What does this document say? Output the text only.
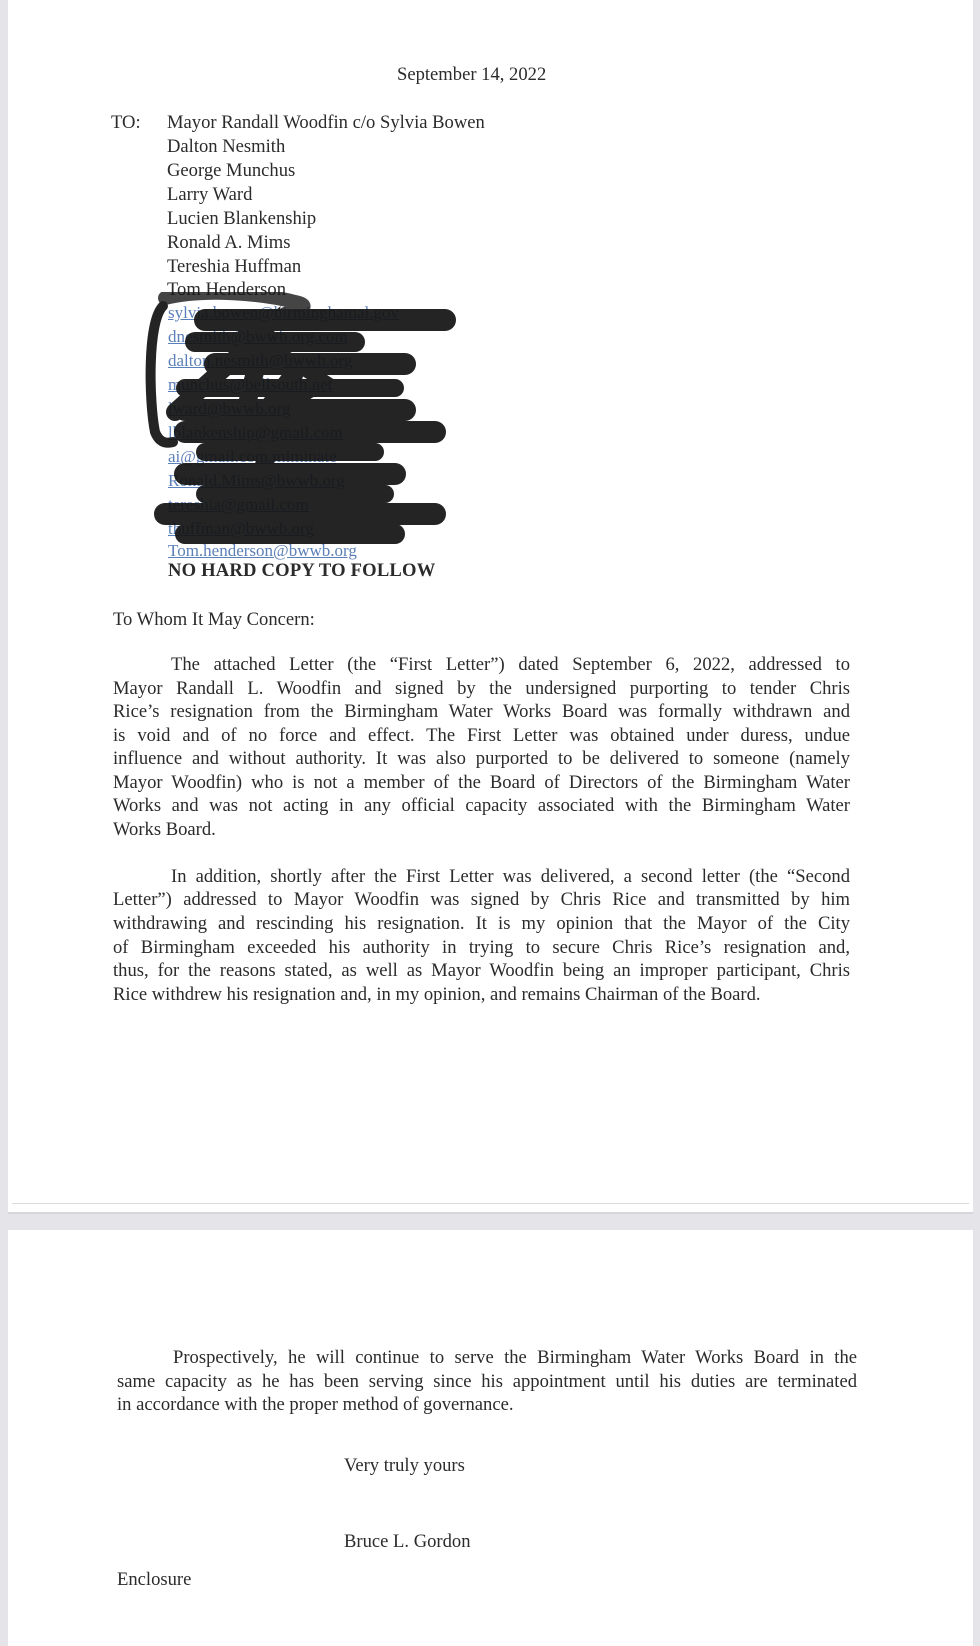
September 14, 2022
TO: Mayor Randall Woodfin c/o Sylvia Bowen
Dalton Nesmith
George Munchus
Larry Ward
Lucien Blankenship
Ronald A. Mims
Tereshia Huffman
Tom Henderson
sylvia.bowen@birminghamal.gov
dnesmith@bwwb.org.com
dalton.nesmith@bwwb.org
munchus@bellsouth.net
lward@bwwb.org
lblankenship@gmail.com
ai@gmail.com.miminate
Ronald.Mims@bwwb.org
tereshia@gmail.com
thuffman@bwwb.org
Tom.henderson@bwwb.org
NO HARD COPY TO FOLLOW
To Whom It May Concern:
The attached Letter (the “First Letter”) dated September 6, 2022, addressed to
Mayor Randall L. Woodfin and signed by the undersigned purporting to tender Chris
Rice’s resignation from the Birmingham Water Works Board was formally withdrawn and
is void and of no force and effect. The First Letter was obtained under duress, undue
influence and without authority. It was also purported to be delivered to someone (namely
Mayor Woodfin) who is not a member of the Board of Directors of the Birmingham Water
Works and was not acting in any official capacity associated with the Birmingham Water
Works Board.
In addition, shortly after the First Letter was delivered, a second letter (the “Second
Letter”) addressed to Mayor Woodfin was signed by Chris Rice and transmitted by him
withdrawing and rescinding his resignation. It is my opinion that the Mayor of the City
of Birmingham exceeded his authority in trying to secure Chris Rice’s resignation and,
thus, for the reasons stated, as well as Mayor Woodfin being an improper participant, Chris
Rice withdrew his resignation and, in my opinion, and remains Chairman of the Board.
Prospectively, he will continue to serve the Birmingham Water Works Board in the
same capacity as he has been serving since his appointment until his duties are terminated
in accordance with the proper method of governance.
Very truly yours
Bruce L. Gordon
Enclosure
